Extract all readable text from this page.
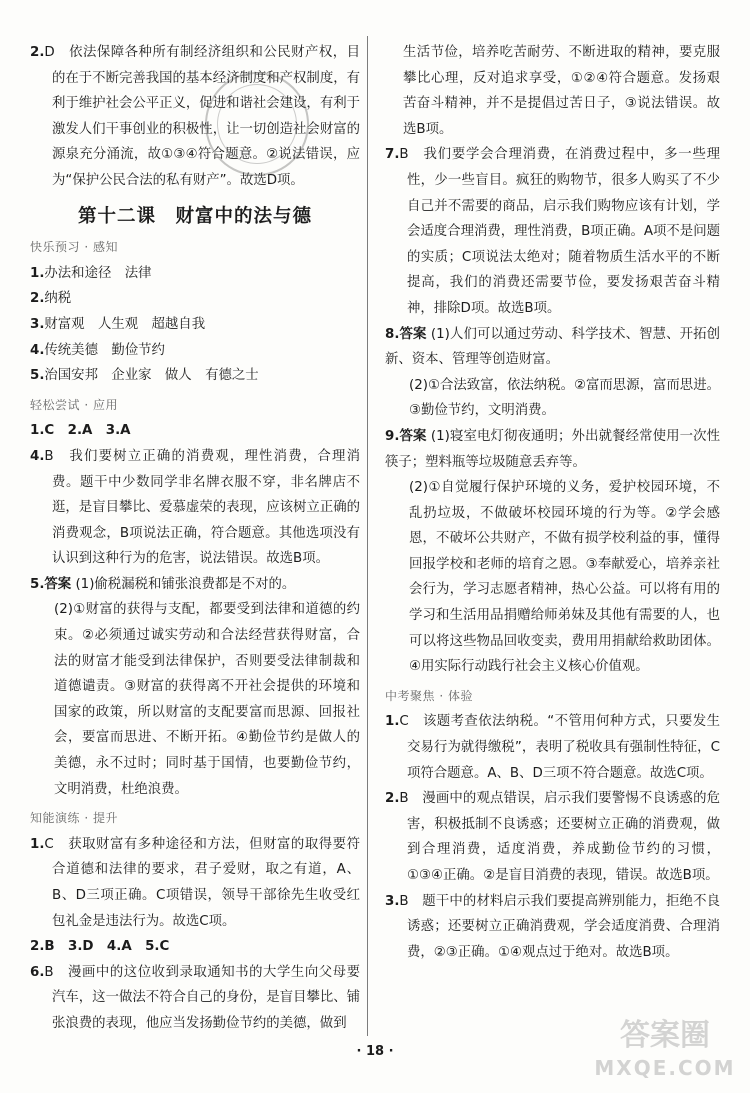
2.D　依法保障各种所有制经济组织和公民财产权，目的在于不断完善我国的基本经济制度和产权制度，有利于维护社会公平正义，促进和谐社会建设，有利于激发人们干事创业的积极性，让一切创造社会财富的源泉充分涌流，故①③④符合题意。②说法错误，应为“保护公民合法的私有财产”。故选D项。

第十二课　财富中的法与德
快乐预习 · 感知

1.办法和途径　法律

2.纳税

3.财富观　人生观　超越自我

4.传统美德　勤俭节约

5.治国安邦　企业家　做人　有德之士

轻松尝试 · 应用

1.C　2.A　3.A

4.B　我们要树立正确的消费观，理性消费，合理消费。题干中少数同学非名牌衣服不穿，非名牌店不逛，是盲目攀比、爱慕虚荣的表现，应该树立正确的消费观念，B项说法正确，符合题意。其他选项没有认识到这种行为的危害，说法错误。故选B项。

5.答案 (1)偷税漏税和铺张浪费都是不对的。

(2)①财富的获得与支配，都要受到法律和道德的约束。②必须通过诚实劳动和合法经营获得财富，合法的财富才能受到法律保护，否则要受法律制裁和道德谴责。③财富的获得离不开社会提供的环境和国家的政策，所以财富的支配要富而思源、回报社会，要富而思进、不断开拓。④勤俭节约是做人的美德，永不过时；同时基于国情，也要勤俭节约，文明消费，杜绝浪费。

知能演练 · 提升

1.C　获取财富有多种途径和方法，但财富的取得要符合道德和法律的要求，君子爱财，取之有道，A、B、D三项正确。C项错误，领导干部徐先生收受红包礼金是违法行为。故选C项。

2.B　3.D　4.A　5.C

6.B　漫画中的这位收到录取通知书的大学生向父母要汽车，这一做法不符合自己的身份，是盲目攀比、铺张浪费的表现，他应当发扬勤俭节约的美德，做到

生活节俭，培养吃苦耐劳、不断进取的精神，要克服攀比心理，反对追求享受，①②④符合题意。发扬艰苦奋斗精神，并不是提倡过苦日子，③说法错误。故选B项。

7.B　我们要学会合理消费，在消费过程中，多一些理性，少一些盲目。疯狂的购物节，很多人购买了不少自己并不需要的商品，启示我们购物应该有计划，学会适度合理消费，理性消费，B项正确。A项不是问题的实质；C项说法太绝对；随着物质生活水平的不断提高，我们的消费还需要节俭，要发扬艰苦奋斗精神，排除D项。故选B项。

8.答案 (1)人们可以通过劳动、科学技术、智慧、开拓创新、资本、管理等创造财富。

(2)①合法致富，依法纳税。②富而思源，富而思进。③勤俭节约，文明消费。

9.答案 (1)寝室电灯彻夜通明；外出就餐经常使用一次性筷子；塑料瓶等垃圾随意丢弃等。

(2)①自觉履行保护环境的义务，爱护校园环境，不乱扔垃圾，不做破坏校园环境的行为等。②学会感恩，不破坏公共财产，不做有损学校利益的事，懂得回报学校和老师的培育之恩。③奉献爱心，培养亲社会行为，学习志愿者精神，热心公益。可以将有用的学习和生活用品捐赠给师弟妹及其他有需要的人，也可以将这些物品回收变卖，费用用捐献给救助团体。④用实际行动践行社会主义核心价值观。

中考聚焦 · 体验

1.C　该题考查依法纳税。“不管用何种方式，只要发生交易行为就得缴税”，表明了税收具有强制性特征，C项符合题意。A、B、D三项不符合题意。故选C项。

2.B　漫画中的观点错误，启示我们要警惕不良诱惑的危害，积极抵制不良诱惑；还要树立正确的消费观，做到合理消费，适度消费，养成勤俭节约的习惯，①③④正确。②是盲目消费的表现，错误。故选B项。

3.B　题干中的材料启示我们要提高辨别能力，拒绝不良诱惑；还要树立正确消费观，学会适度消费、合理消费，②③正确。①④观点过于绝对。故选B项。

· 18 ·	答案圈
MXQE.COM
